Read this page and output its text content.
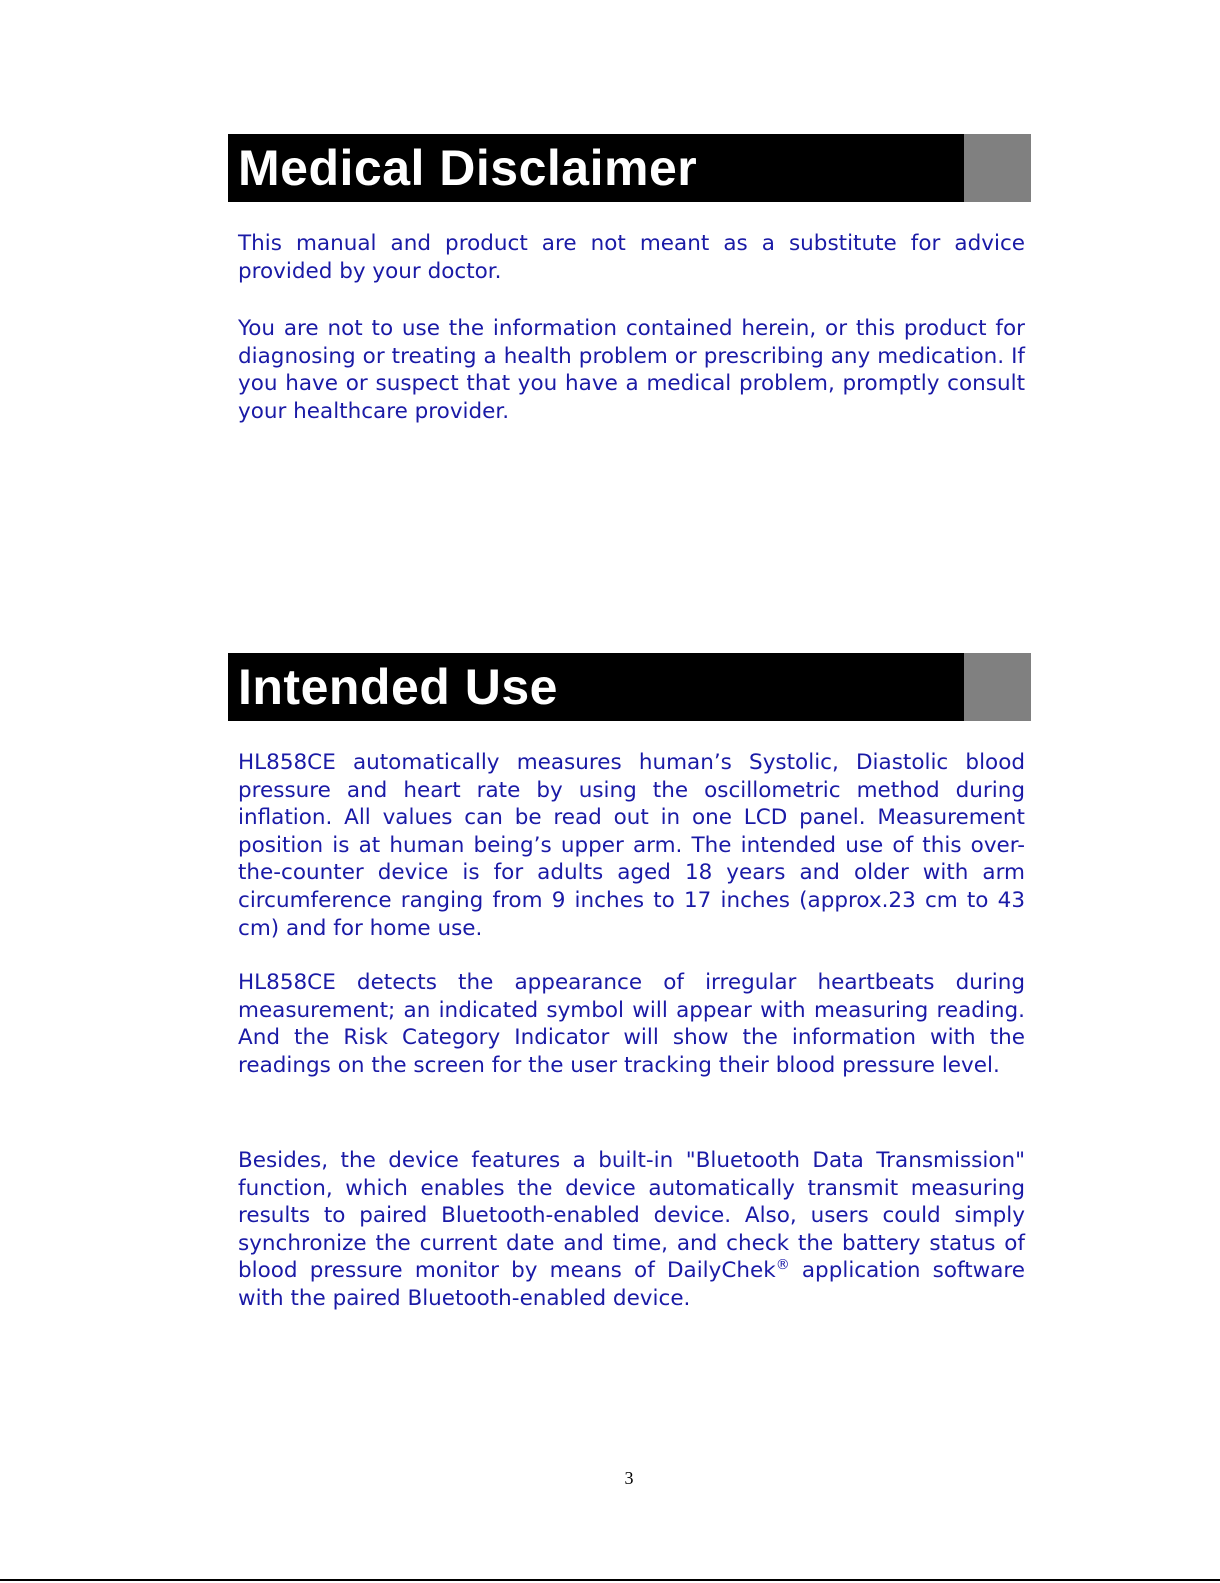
Medical Disclaimer

This manual and product are not meant as a substitute for advice provided by your doctor.

You are not to use the information contained herein, or this product for diagnosing or treating a health problem or prescribing any medication. If you have or suspect that you have a medical problem, promptly consult your healthcare provider.

Intended Use

HL858CE automatically measures human’s Systolic, Diastolic blood pressure and heart rate by using the oscillometric method during inflation. All values can be read out in one LCD panel. Measurement position is at human being’s upper arm. The intended use of this over-the-counter device is for adults aged 18 years and older with arm circumference ranging from 9 inches to 17 inches (approx.23 cm to 43 cm) and for home use.

HL858CE detects the appearance of irregular heartbeats during measurement; an indicated symbol will appear with measuring reading. And the Risk Category Indicator will show the information with the readings on the screen for the user tracking their blood pressure level.

Besides, the device features a built-in "Bluetooth Data Transmission" function, which enables the device automatically transmit measuring results to paired Bluetooth-enabled device. Also, users could simply synchronize the current date and time, and check the battery status of blood pressure monitor by means of DailyChek® application software with the paired Bluetooth-enabled device.

3
